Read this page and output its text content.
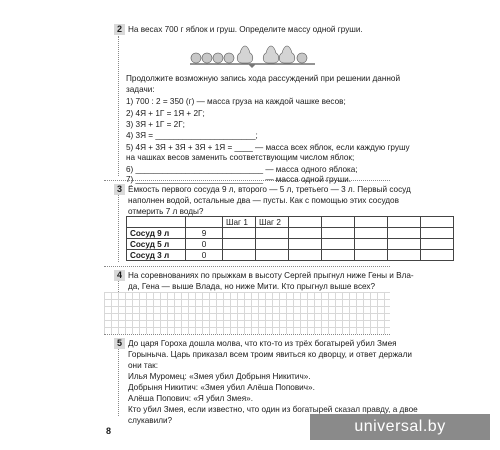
2 На весах 700 г яблок и груш. Определите массу одной груши.
Продолжите возможную запись хода рассуждений при решении данной
задачи:
1) 700 : 2 = 350 (г) — масса груза на каждой чашке весов;
2) 4Я + 1Г = 1Я + 2Г;
3) 3Я + 1Г = 2Г;
4) 3Я = ______________________;
5) 4Я + 3Я + 3Я + 3Я + 1Я = ____ — масса всех яблок, если каждую грушу
на чашках весов заменить соответствующим числом яблок;
6) ____________________________ — масса одного яблока;
7) ____________________________ — масса одной груши.
3 Ёмкость первого сосуда 9 л, второго — 5 л, третьего — 3 л. Первый сосуд
наполнен водой, остальные два — пусты. Как с помощью этих сосудов
отмерить 7 л воды?
		Шаг 1	Шаг 2					
Сосуд 9 л	9							
Сосуд 5 л	0							
Сосуд 3 л	0							
4 На соревнованиях по прыжкам в высоту Сергей прыгнул ниже Гены и Вла-
да, Гена — выше Влада, но ниже Мити. Кто прыгнул выше всех?
5 До царя Гороха дошла молва, что кто-то из трёх богатырей убил Змея
Горыныча. Царь приказал всем троим явиться ко дворцу, и ответ держали
они так:
Илья Муромец: «Змея убил Добрыня Никитич».
Добрыня Никитич: «Змея убил Алёша Попович».
Алёша Попович: «Я убил Змея».
Кто убил Змея, если известно, что один из богатырей сказал правду, а двое
слукавили?
8	universal.by
